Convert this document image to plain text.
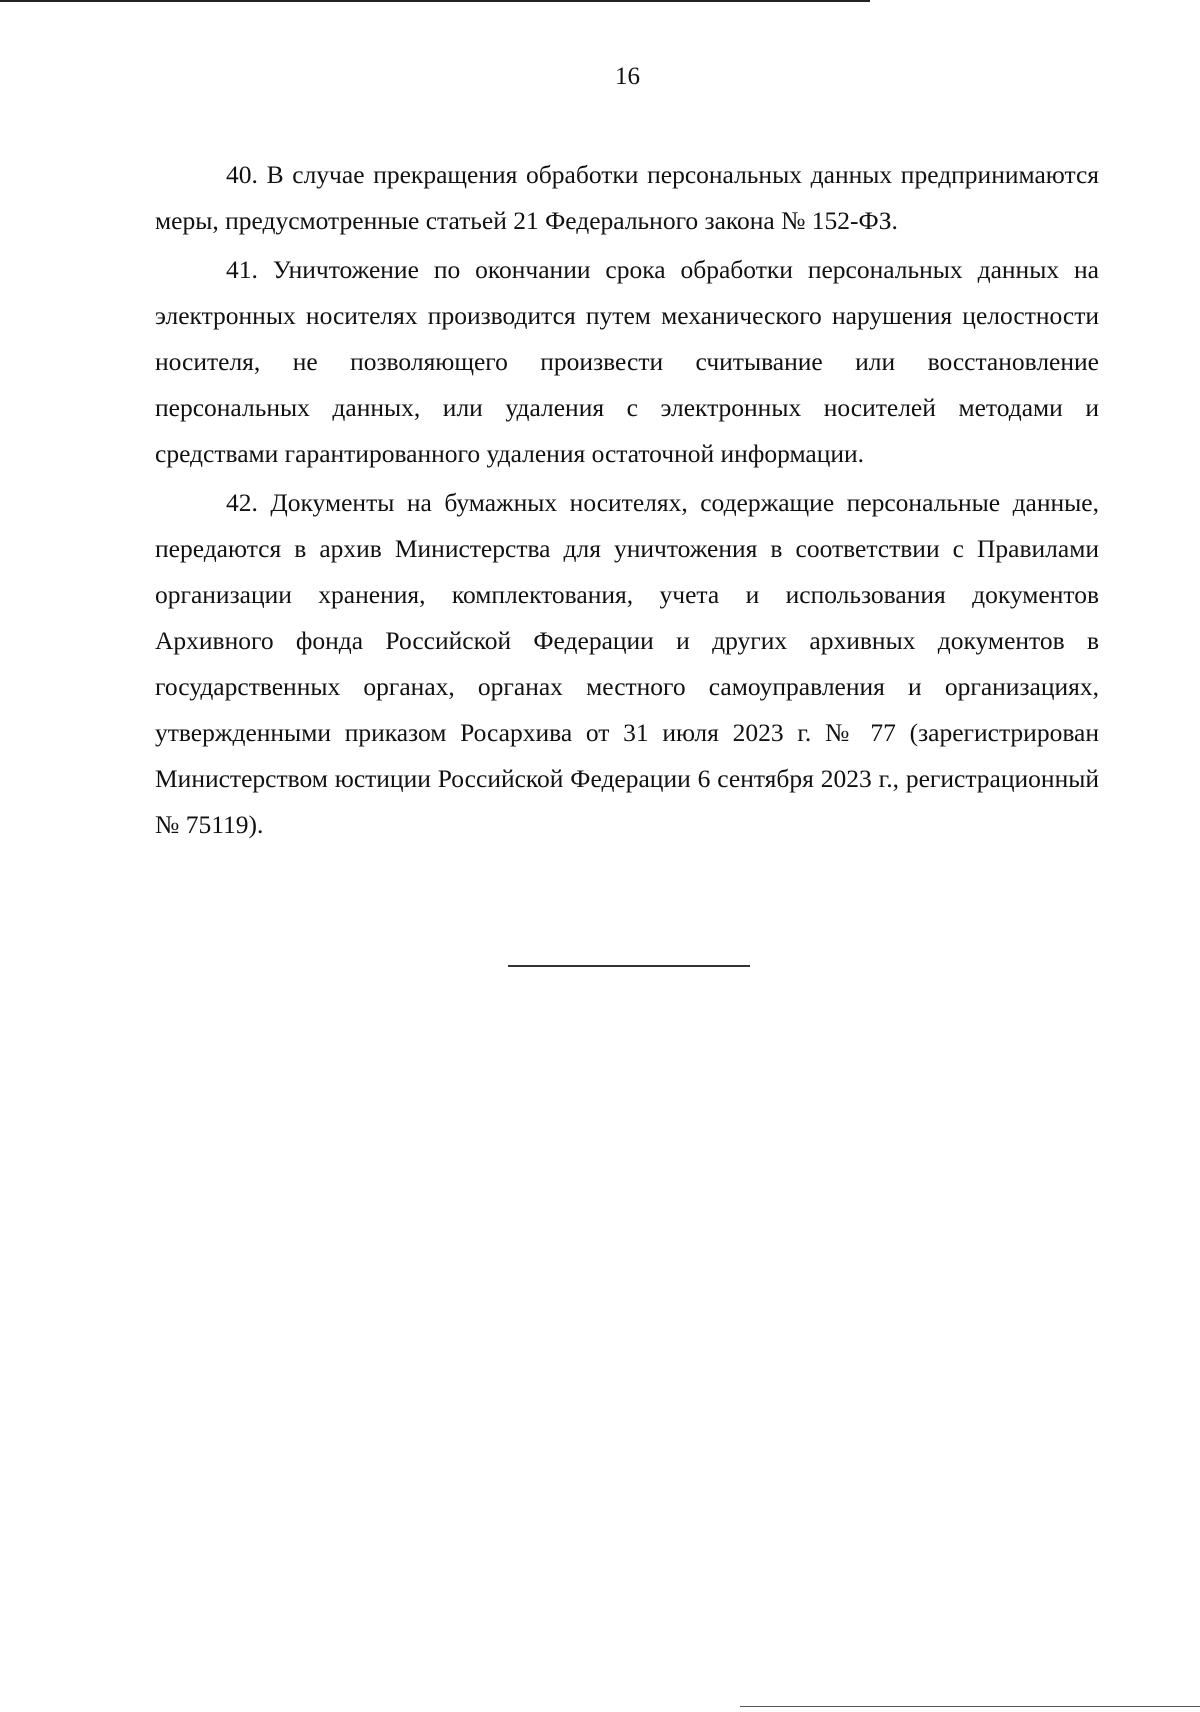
16

40. В случае прекращения обработки персональных данных предпринимаются меры, предусмотренные статьей 21 Федерального закона № 152-ФЗ.

41. Уничтожение по окончании срока обработки персональных данных на электронных носителях производится путем механического нарушения целостности носителя, не позволяющего произвести считывание или восстановление персональных данных, или удаления с электронных носителей методами и средствами гарантированного удаления остаточной информации.

42. Документы на бумажных носителях, содержащие персональные данные, передаются в архив Министерства для уничтожения в соответствии с Правилами организации хранения, комплектования, учета и использования документов Архивного фонда Российской Федерации и других архивных документов в государственных органах, органах местного самоуправления и организациях, утвержденными приказом Росархива от 31 июля 2023 г. № 77 (зарегистрирован Министерством юстиции Российской Федерации 6 сентября 2023 г., регистрационный № 75119).
